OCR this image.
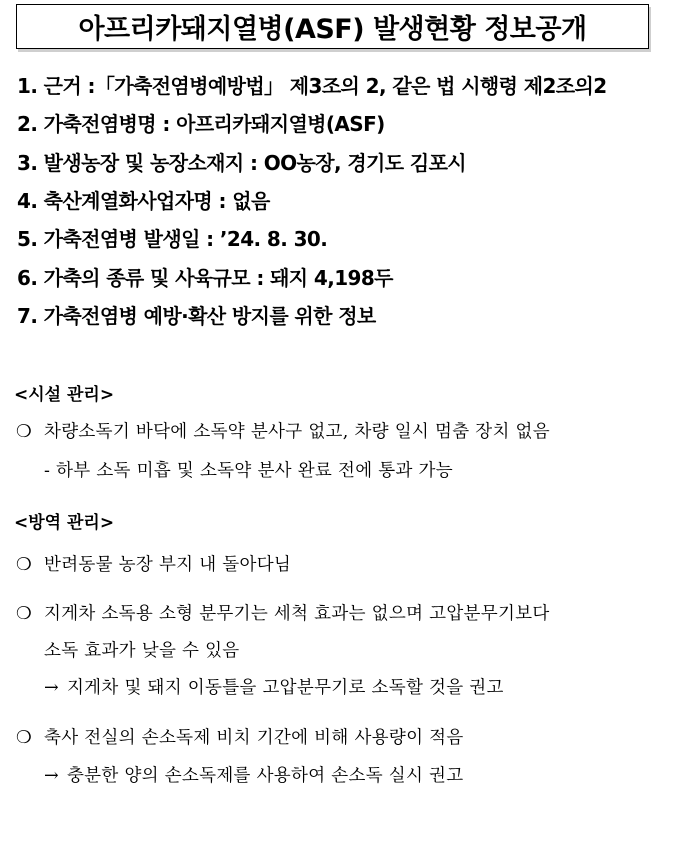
아프리카돼지열병(ASF) 발생현황 정보공개
1. 근거 :「가축전염병예방법」 제3조의 2, 같은 법 시행령 제2조의2
2. 가축전염병명 : 아프리카돼지열병(ASF)
3. 발생농장 및 농장소재지 : OO농장, 경기도 김포시
4. 축산계열화사업자명 : 없음
5. 가축전염병 발생일 : ’24. 8. 30.
6. 가축의 종류 및 사육규모 : 돼지 4,198두
7. 가축전염병 예방·확산 방지를 위한 정보
<시설 관리>
❍ 차량소독기 바닥에 소독약 분사구 없고, 차량 일시 멈춤 장치 없음
- 하부 소독 미흡 및 소독약 분사 완료 전에 통과 가능
<방역 관리>
❍ 반려동물 농장 부지 내 돌아다님
❍ 지게차 소독용 소형 분무기는 세척 효과는 없으며 고압분무기보다
소독 효과가 낮을 수 있음
→ 지게차 및 돼지 이동틀을 고압분무기로 소독할 것을 권고
❍ 축사 전실의 손소독제 비치 기간에 비해 사용량이 적음
→ 충분한 양의 손소독제를 사용하여 손소독 실시 권고
